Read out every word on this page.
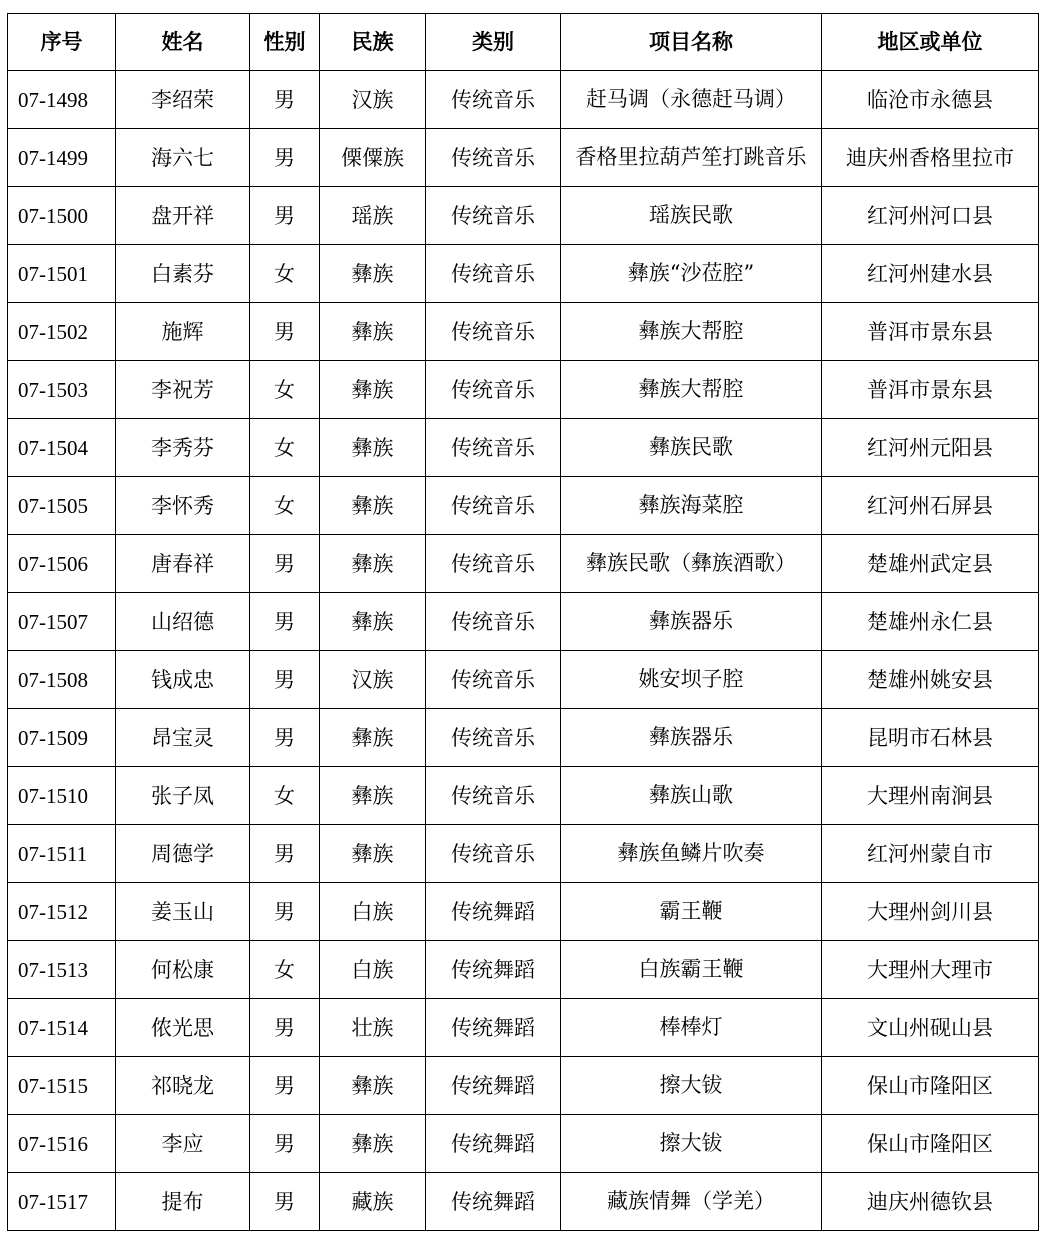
序号	姓名	性别	民族	类别	项目名称	地区或单位
07-1498	李绍荣	男	汉族	传统音乐	赶马调（永德赶马调）	临沧市永德县
07-1499	海六七	男	傈僳族	传统音乐	香格里拉葫芦笙打跳音乐	迪庆州香格里拉市
07-1500	盘开祥	男	瑶族	传统音乐	瑶族民歌	红河州河口县
07-1501	白素芬	女	彝族	传统音乐	彝族“沙莅腔”	红河州建水县
07-1502	施辉	男	彝族	传统音乐	彝族大帮腔	普洱市景东县
07-1503	李祝芳	女	彝族	传统音乐	彝族大帮腔	普洱市景东县
07-1504	李秀芬	女	彝族	传统音乐	彝族民歌	红河州元阳县
07-1505	李怀秀	女	彝族	传统音乐	彝族海菜腔	红河州石屏县
07-1506	唐春祥	男	彝族	传统音乐	彝族民歌（彝族酒歌）	楚雄州武定县
07-1507	山绍德	男	彝族	传统音乐	彝族器乐	楚雄州永仁县
07-1508	钱成忠	男	汉族	传统音乐	姚安坝子腔	楚雄州姚安县
07-1509	昂宝灵	男	彝族	传统音乐	彝族器乐	昆明市石林县
07-1510	张子凤	女	彝族	传统音乐	彝族山歌	大理州南涧县
07-1511	周德学	男	彝族	传统音乐	彝族鱼鳞片吹奏	红河州蒙自市
07-1512	姜玉山	男	白族	传统舞蹈	霸王鞭	大理州剑川县
07-1513	何松康	女	白族	传统舞蹈	白族霸王鞭	大理州大理市
07-1514	侬光思	男	壮族	传统舞蹈	棒棒灯	文山州砚山县
07-1515	祁晓龙	男	彝族	传统舞蹈	擦大钹	保山市隆阳区
07-1516	李应	男	彝族	传统舞蹈	擦大钹	保山市隆阳区
07-1517	提布	男	藏族	传统舞蹈	藏族情舞（学羌）	迪庆州德钦县
